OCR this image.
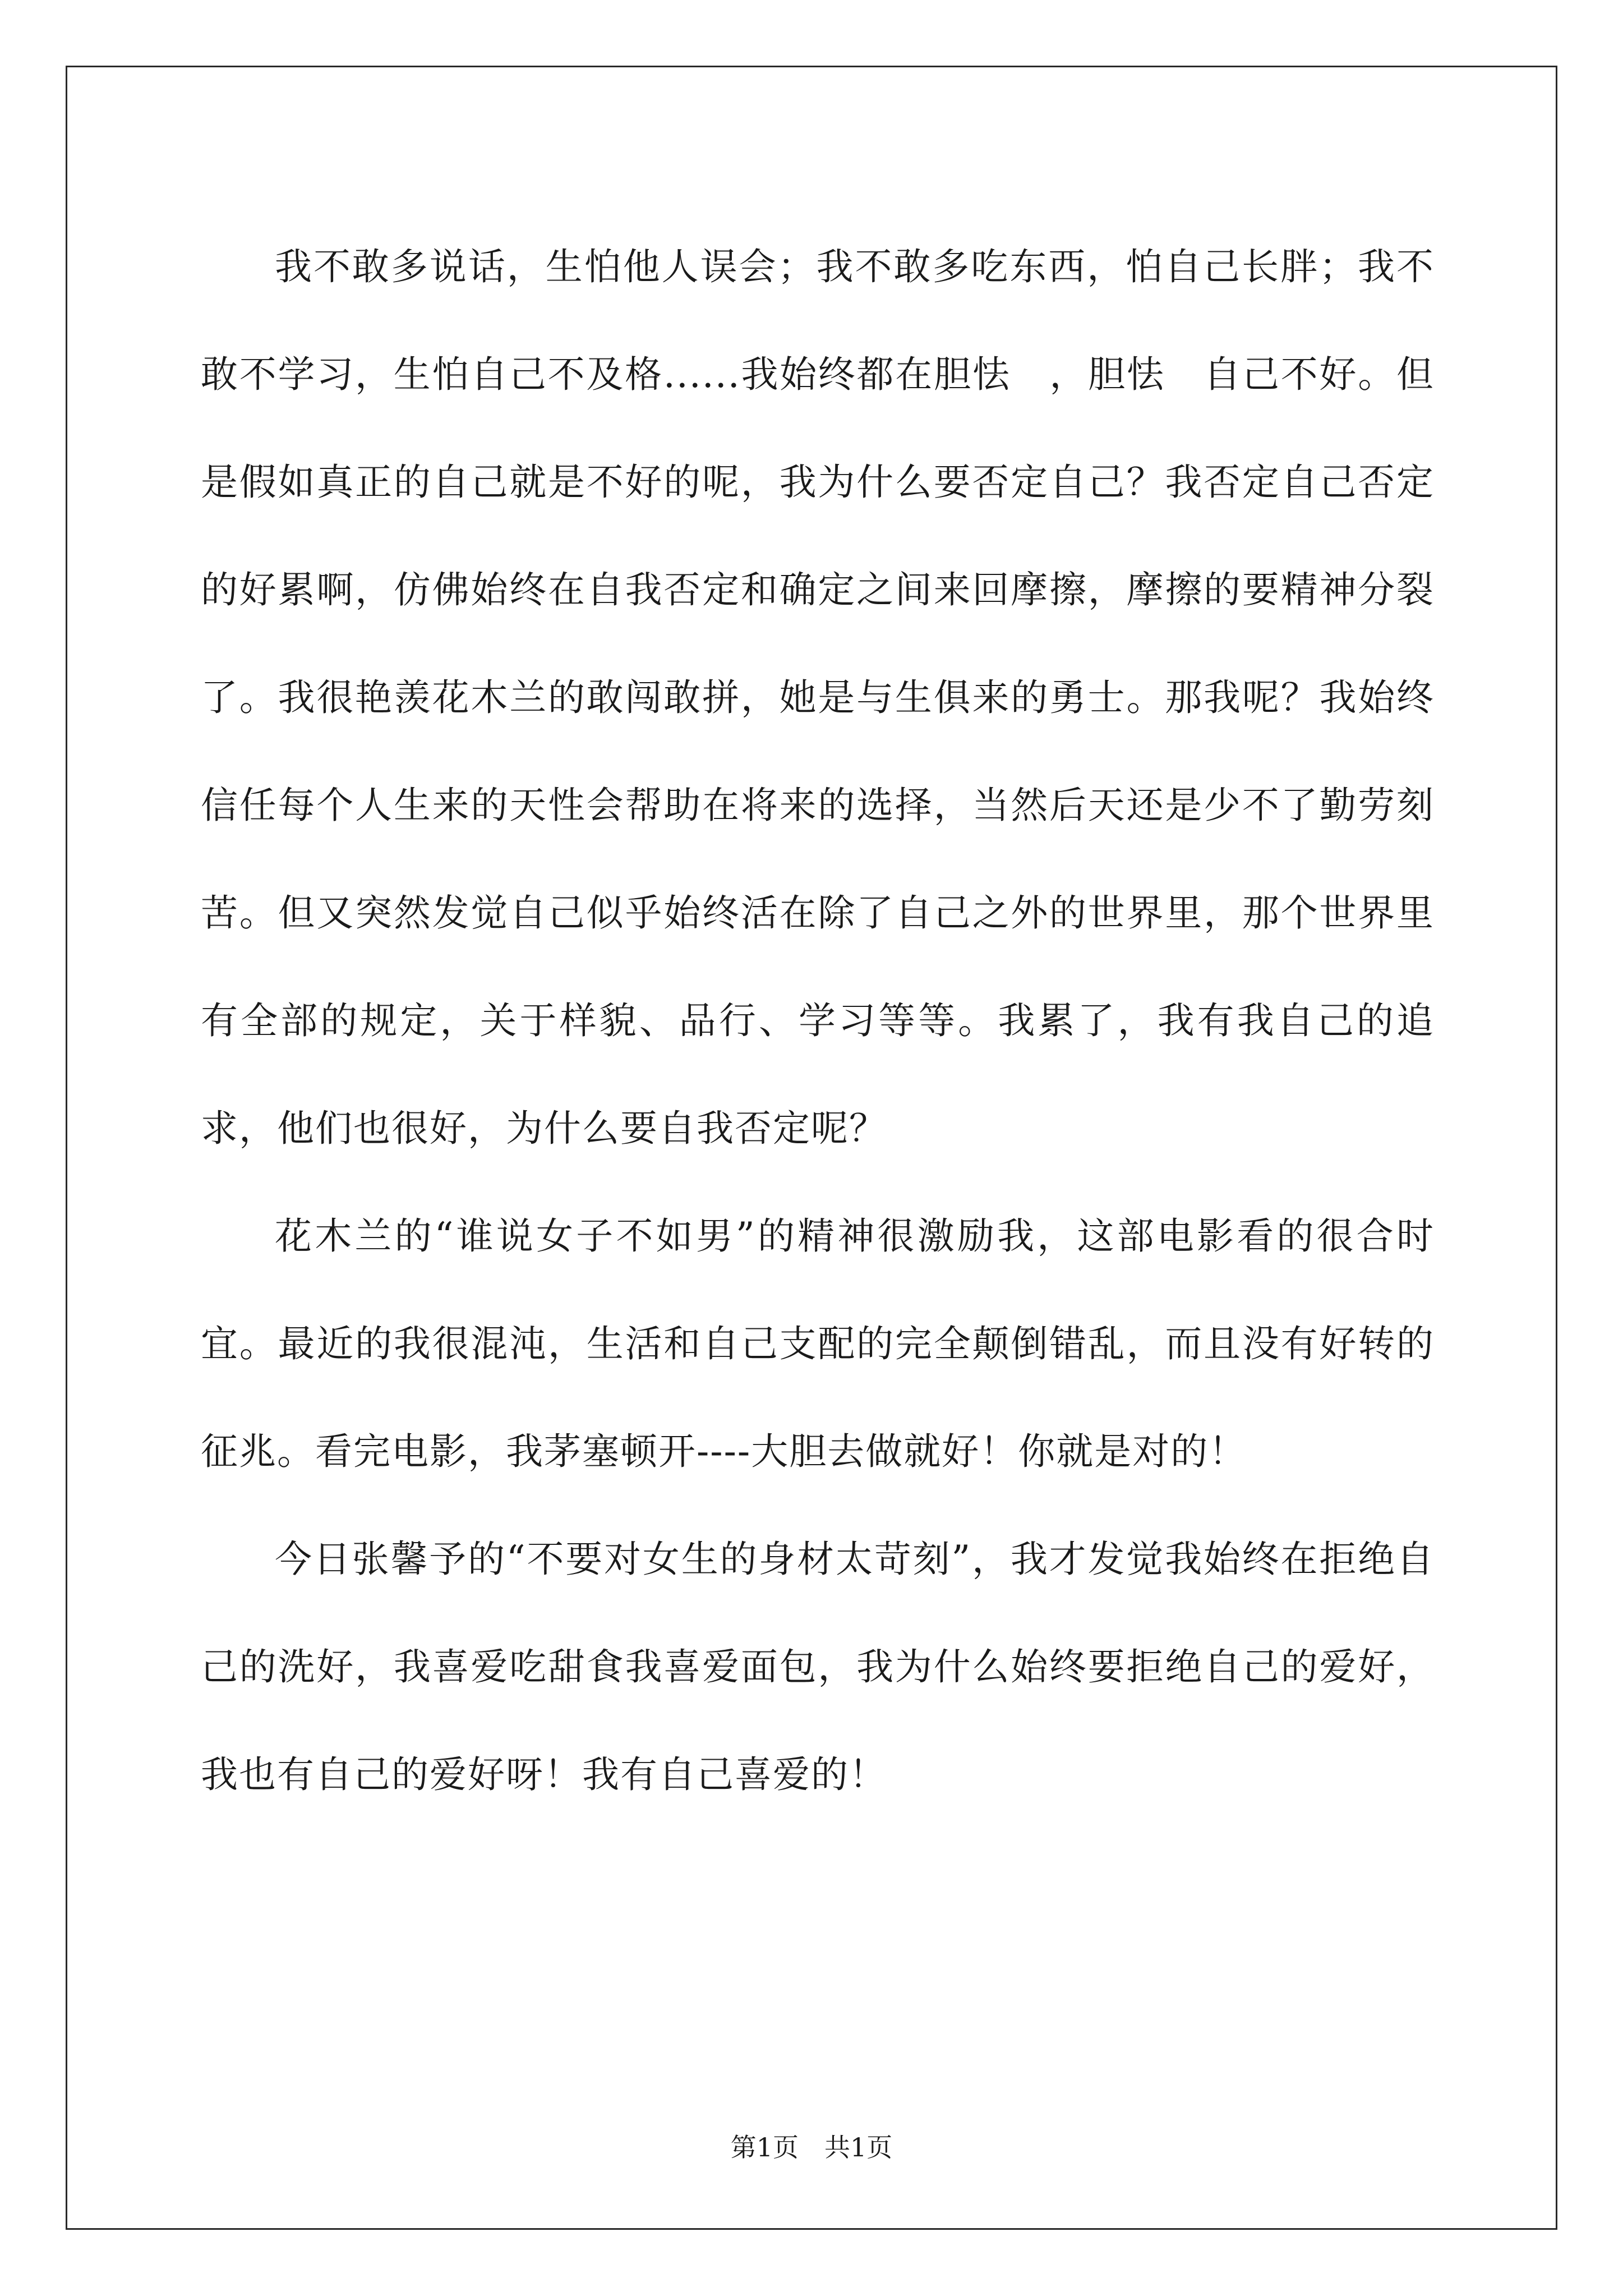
我不敢多说话，生怕他人误会；我不敢多吃东西，怕自己长胖；我不敢不学习，生怕自己不及格......我始终都在胆怯　，胆怯　自己不好。但是假如真正的自己就是不好的呢，我为什么要否定自己？我否定自己否定的好累啊，仿佛始终在自我否定和确定之间来回摩擦，摩擦的要精神分裂了。我很艳羡花木兰的敢闯敢拼，她是与生俱来的勇士。那我呢？我始终信任每个人生来的天性会帮助在将来的选择，当然后天还是少不了勤劳刻苦。但又突然发觉自己似乎始终活在除了自己之外的世界里，那个世界里有全部的规定，关于样貌、品行、学习等等。我累了，我有我自己的追求，他们也很好，为什么要自我否定呢？

花木兰的“谁说女子不如男”的精神很激励我，这部电影看的很合时宜。最近的我很混沌，生活和自己支配的完全颠倒错乱，而且没有好转的征兆。看完电影，我茅塞顿开----大胆去做就好！你就是对的！

今日张馨予的“不要对女生的身材太苛刻”，我才发觉我始终在拒绝自己的洗好，我喜爱吃甜食我喜爱面包，我为什么始终要拒绝自己的爱好，我也有自己的爱好呀！我有自己喜爱的！

第1页　共1页
